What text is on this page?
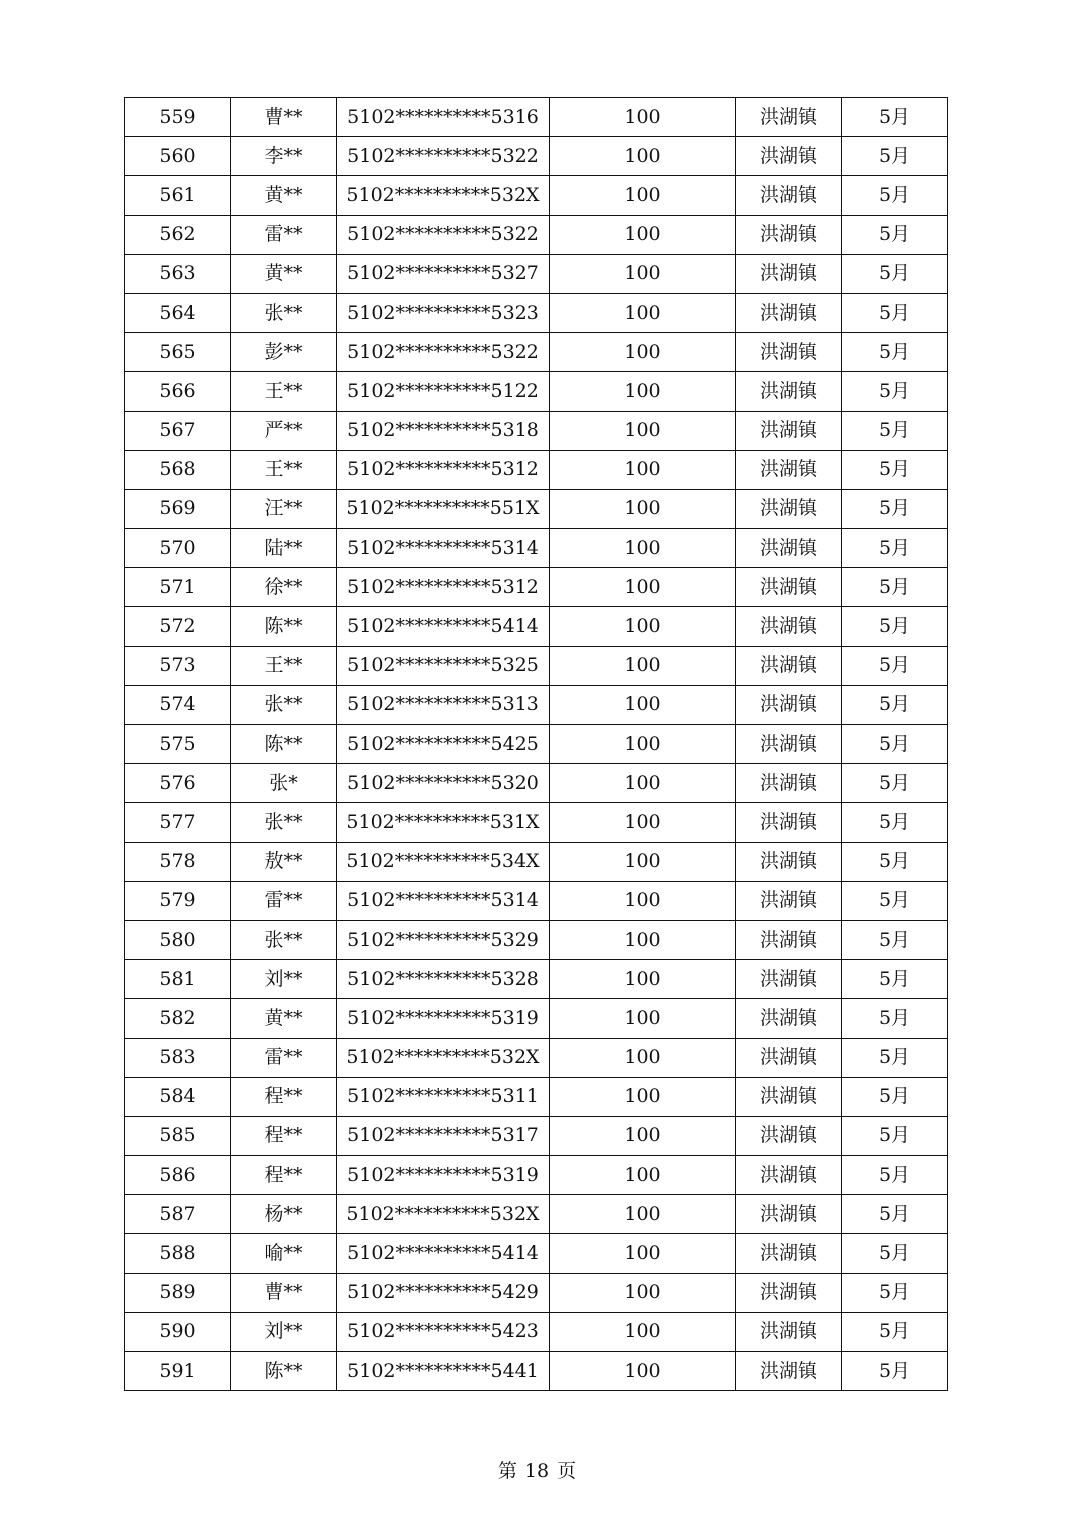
559	曹**	5102**********5316	100	洪湖镇	5月
560	李**	5102**********5322	100	洪湖镇	5月
561	黄**	5102**********532X	100	洪湖镇	5月
562	雷**	5102**********5322	100	洪湖镇	5月
563	黄**	5102**********5327	100	洪湖镇	5月
564	张**	5102**********5323	100	洪湖镇	5月
565	彭**	5102**********5322	100	洪湖镇	5月
566	王**	5102**********5122	100	洪湖镇	5月
567	严**	5102**********5318	100	洪湖镇	5月
568	王**	5102**********5312	100	洪湖镇	5月
569	汪**	5102**********551X	100	洪湖镇	5月
570	陆**	5102**********5314	100	洪湖镇	5月
571	徐**	5102**********5312	100	洪湖镇	5月
572	陈**	5102**********5414	100	洪湖镇	5月
573	王**	5102**********5325	100	洪湖镇	5月
574	张**	5102**********5313	100	洪湖镇	5月
575	陈**	5102**********5425	100	洪湖镇	5月
576	张*	5102**********5320	100	洪湖镇	5月
577	张**	5102**********531X	100	洪湖镇	5月
578	敖**	5102**********534X	100	洪湖镇	5月
579	雷**	5102**********5314	100	洪湖镇	5月
580	张**	5102**********5329	100	洪湖镇	5月
581	刘**	5102**********5328	100	洪湖镇	5月
582	黄**	5102**********5319	100	洪湖镇	5月
583	雷**	5102**********532X	100	洪湖镇	5月
584	程**	5102**********5311	100	洪湖镇	5月
585	程**	5102**********5317	100	洪湖镇	5月
586	程**	5102**********5319	100	洪湖镇	5月
587	杨**	5102**********532X	100	洪湖镇	5月
588	喻**	5102**********5414	100	洪湖镇	5月
589	曹**	5102**********5429	100	洪湖镇	5月
590	刘**	5102**********5423	100	洪湖镇	5月
591	陈**	5102**********5441	100	洪湖镇	5月
第 18 页
